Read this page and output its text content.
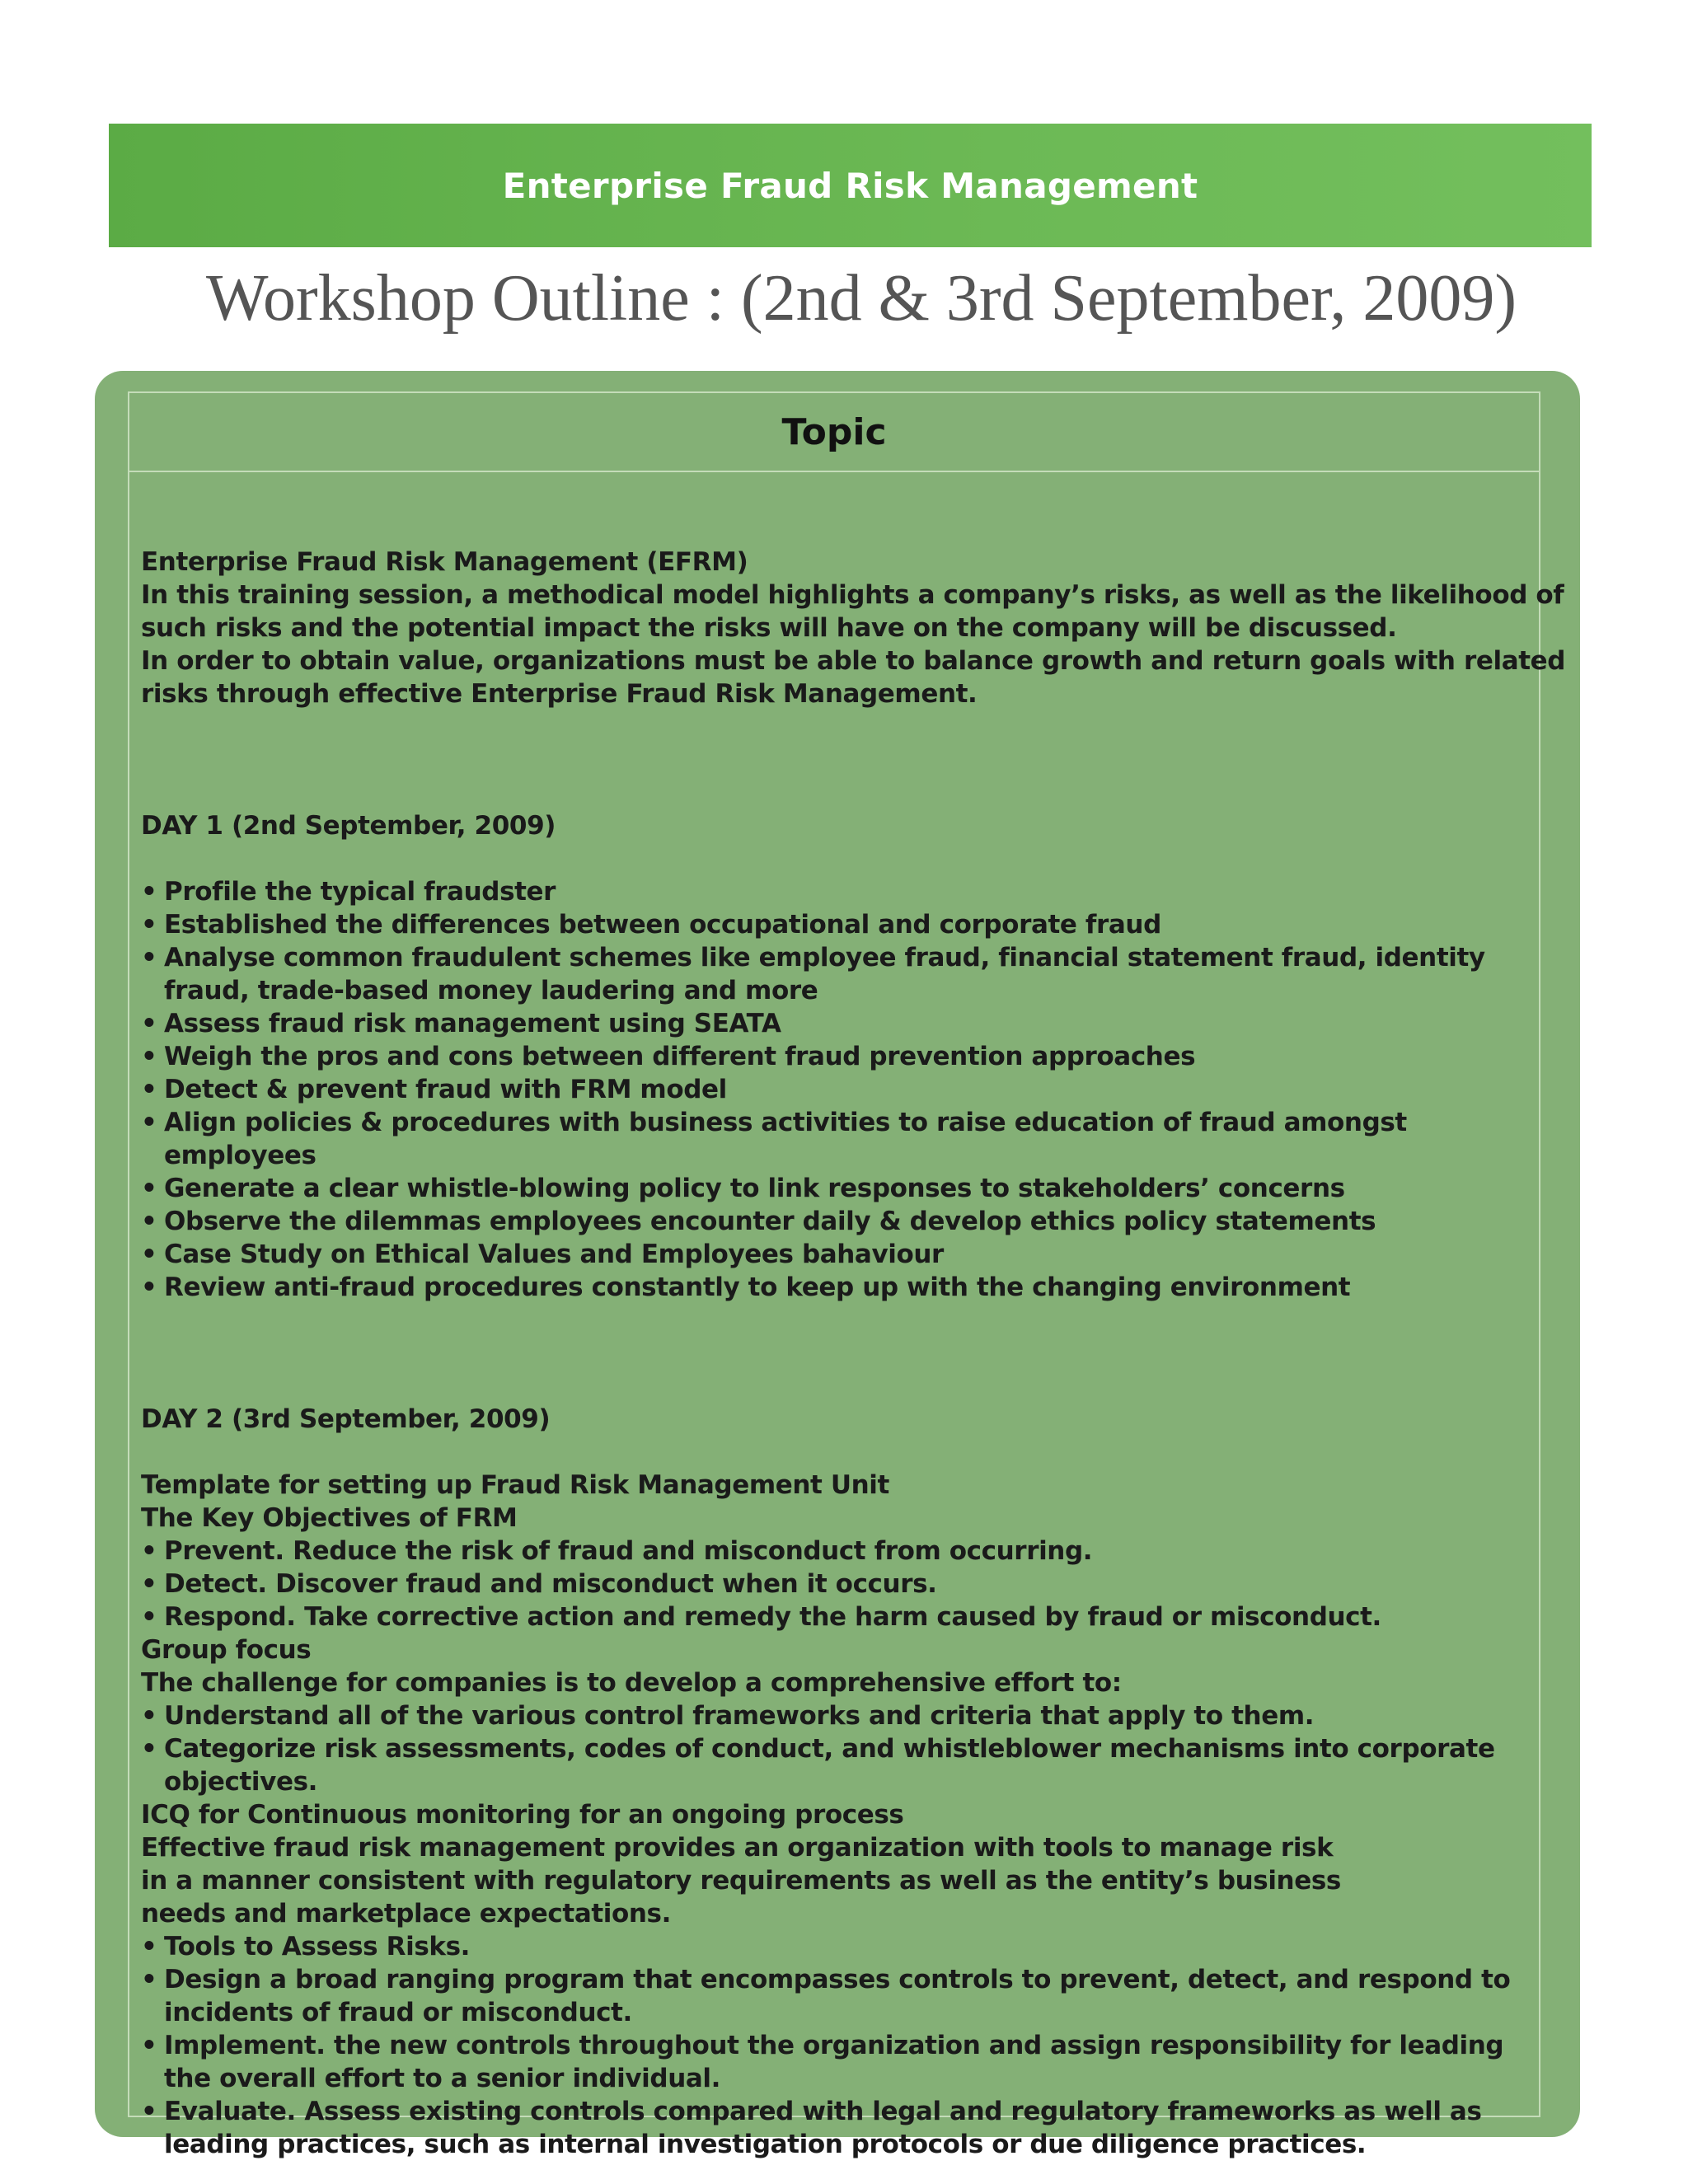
Enterprise Fraud Risk Management
Workshop Outline : (2nd & 3rd September, 2009)
Topic

Enterprise Fraud Risk Management (EFRM)

In this training session, a methodical model highlights a company’s risks, as well as the likelihood of

such risks and the potential impact the risks will have on the company will be discussed.

In order to obtain value, organizations must be able to balance growth and return goals with related

risks through effective Enterprise Fraud Risk Management.

DAY 1 (2nd September, 2009)

• Profile the typical fraudster
• Established the differences between occupational and corporate fraud
• Analyse common fraudulent schemes like employee fraud, financial statement fraud, identity fraud, trade-based money laudering and more
• Assess fraud risk management using SEATA
• Weigh the pros and cons between different fraud prevention approaches
• Detect & prevent fraud with FRM model
• Align policies & procedures with business activities to raise education of fraud amongst employees
• Generate a clear whistle-blowing policy to link responses to stakeholders’ concerns
• Observe the dilemmas employees encounter daily & develop ethics policy statements
• Case Study on Ethical Values and Employees bahaviour
• Review anti-fraud procedures constantly to keep up with the changing environment

DAY 2 (3rd September, 2009)

Template for setting up Fraud Risk Management Unit

The Key Objectives of FRM

• Prevent. Reduce the risk of fraud and misconduct from occurring.
• Detect. Discover fraud and misconduct when it occurs.
• Respond. Take corrective action and remedy the harm caused by fraud or misconduct.

Group focus

The challenge for companies is to develop a comprehensive effort to:

• Understand all of the various control frameworks and criteria that apply to them.
• Categorize risk assessments, codes of conduct, and whistleblower mechanisms into corporate objectives.

ICQ for Continuous monitoring for an ongoing process

Effective fraud risk management provides an organization with tools to manage risk

in a manner consistent with regulatory requirements as well as the entity’s business

needs and marketplace expectations.

• Tools to Assess Risks.
• Design a broad ranging program that encompasses controls to prevent, detect, and respond to incidents of fraud or misconduct.
• Implement. the new controls throughout the organization and assign responsibility for leading the overall effort to a senior individual.
• Evaluate. Assess existing controls compared with legal and regulatory frameworks as well as leading practices, such as internal investigation protocols or due diligence practices.
